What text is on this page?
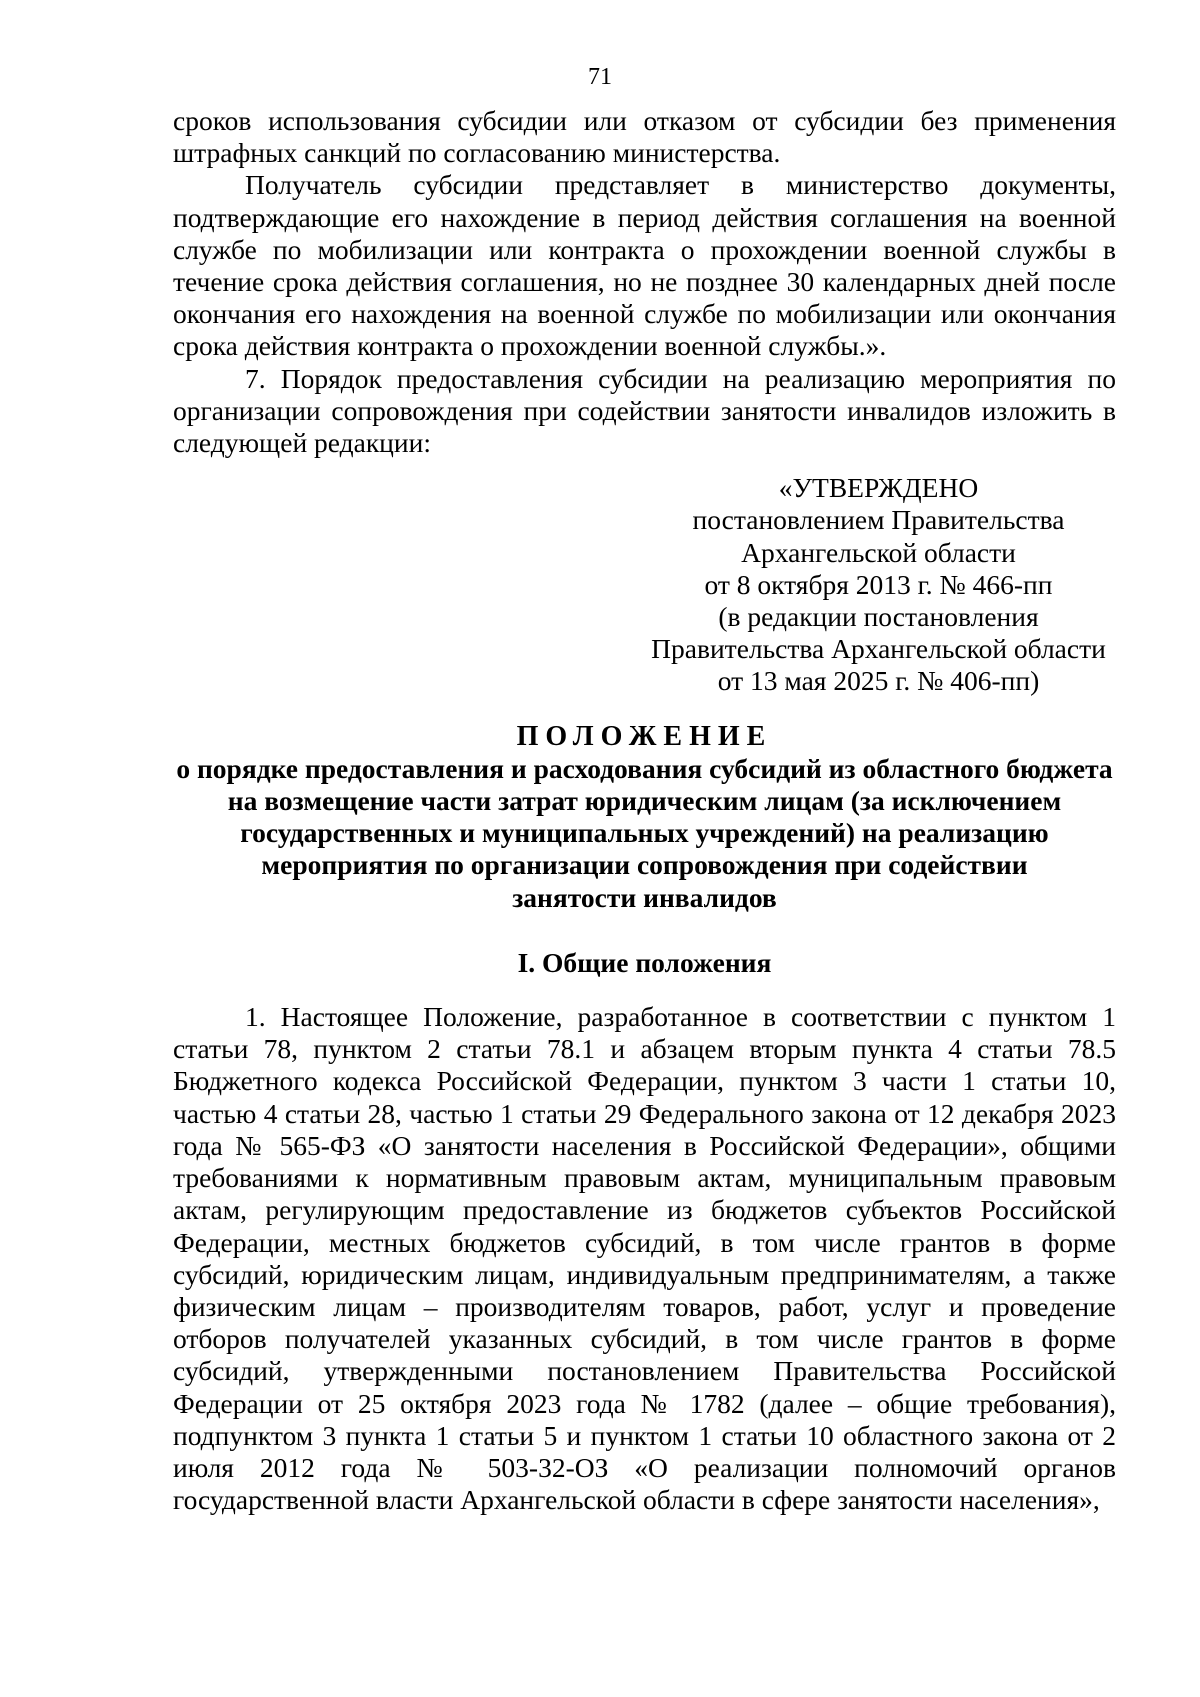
71

сроков использования субсидии или отказом от субсидии без применения штрафных санкций по согласованию министерства.

Получатель субсидии представляет в министерство документы, подтверждающие его нахождение в период действия соглашения на военной службе по мобилизации или контракта о прохождении военной службы в течение срока действия соглашения, но не позднее 30 календарных дней после окончания его нахождения на военной службе по мобилизации или окончания срока действия контракта о прохождении военной службы.».

7. Порядок предоставления субсидии на реализацию мероприятия по организации сопровождения при содействии занятости инвалидов изложить в следующей редакции:

«УТВЕРЖДЕНО
постановлением Правительства
Архангельской области
от 8 октября 2013 г. № 466-пп
(в редакции постановления
Правительства Архангельской области
от 13 мая 2025 г. № 406-пп)
ПОЛОЖЕНИЕ
о порядке предоставления и расходования субсидий из областного бюджета
на возмещение части затрат юридическим лицам (за исключением
государственных и муниципальных учреждений) на реализацию
мероприятия по организации сопровождения при содействии
занятости инвалидов
I. Общие положения

1. Настоящее Положение, разработанное в соответствии с пунктом 1 статьи 78, пунктом 2 статьи 78.1 и абзацем вторым пункта 4 статьи 78.5 Бюджетного кодекса Российской Федерации, пунктом 3 части 1 статьи 10, частью 4 статьи 28, частью 1 статьи 29 Федерального закона от 12 декабря 2023 года № 565-ФЗ «О занятости населения в Российской Федерации», общими требованиями к нормативным правовым актам, муниципальным правовым актам, регулирующим предоставление из бюджетов субъектов Российской Федерации, местных бюджетов субсидий, в том числе грантов в форме субсидий, юридическим лицам, индивидуальным предпринимателям, а также физическим лицам – производителям товаров, работ, услуг и проведение отборов получателей указанных субсидий, в том числе грантов в форме субсидий, утвержденными постановлением Правительства Российской Федерации от 25 октября 2023 года № 1782 (далее – общие требования), подпунктом 3 пункта 1 статьи 5 и пунктом 1 статьи 10 областного закона от 2 июля 2012 года № 503-32-ОЗ «О реализации полномочий органов государственной власти Архангельской области в сфере занятости населения»,
